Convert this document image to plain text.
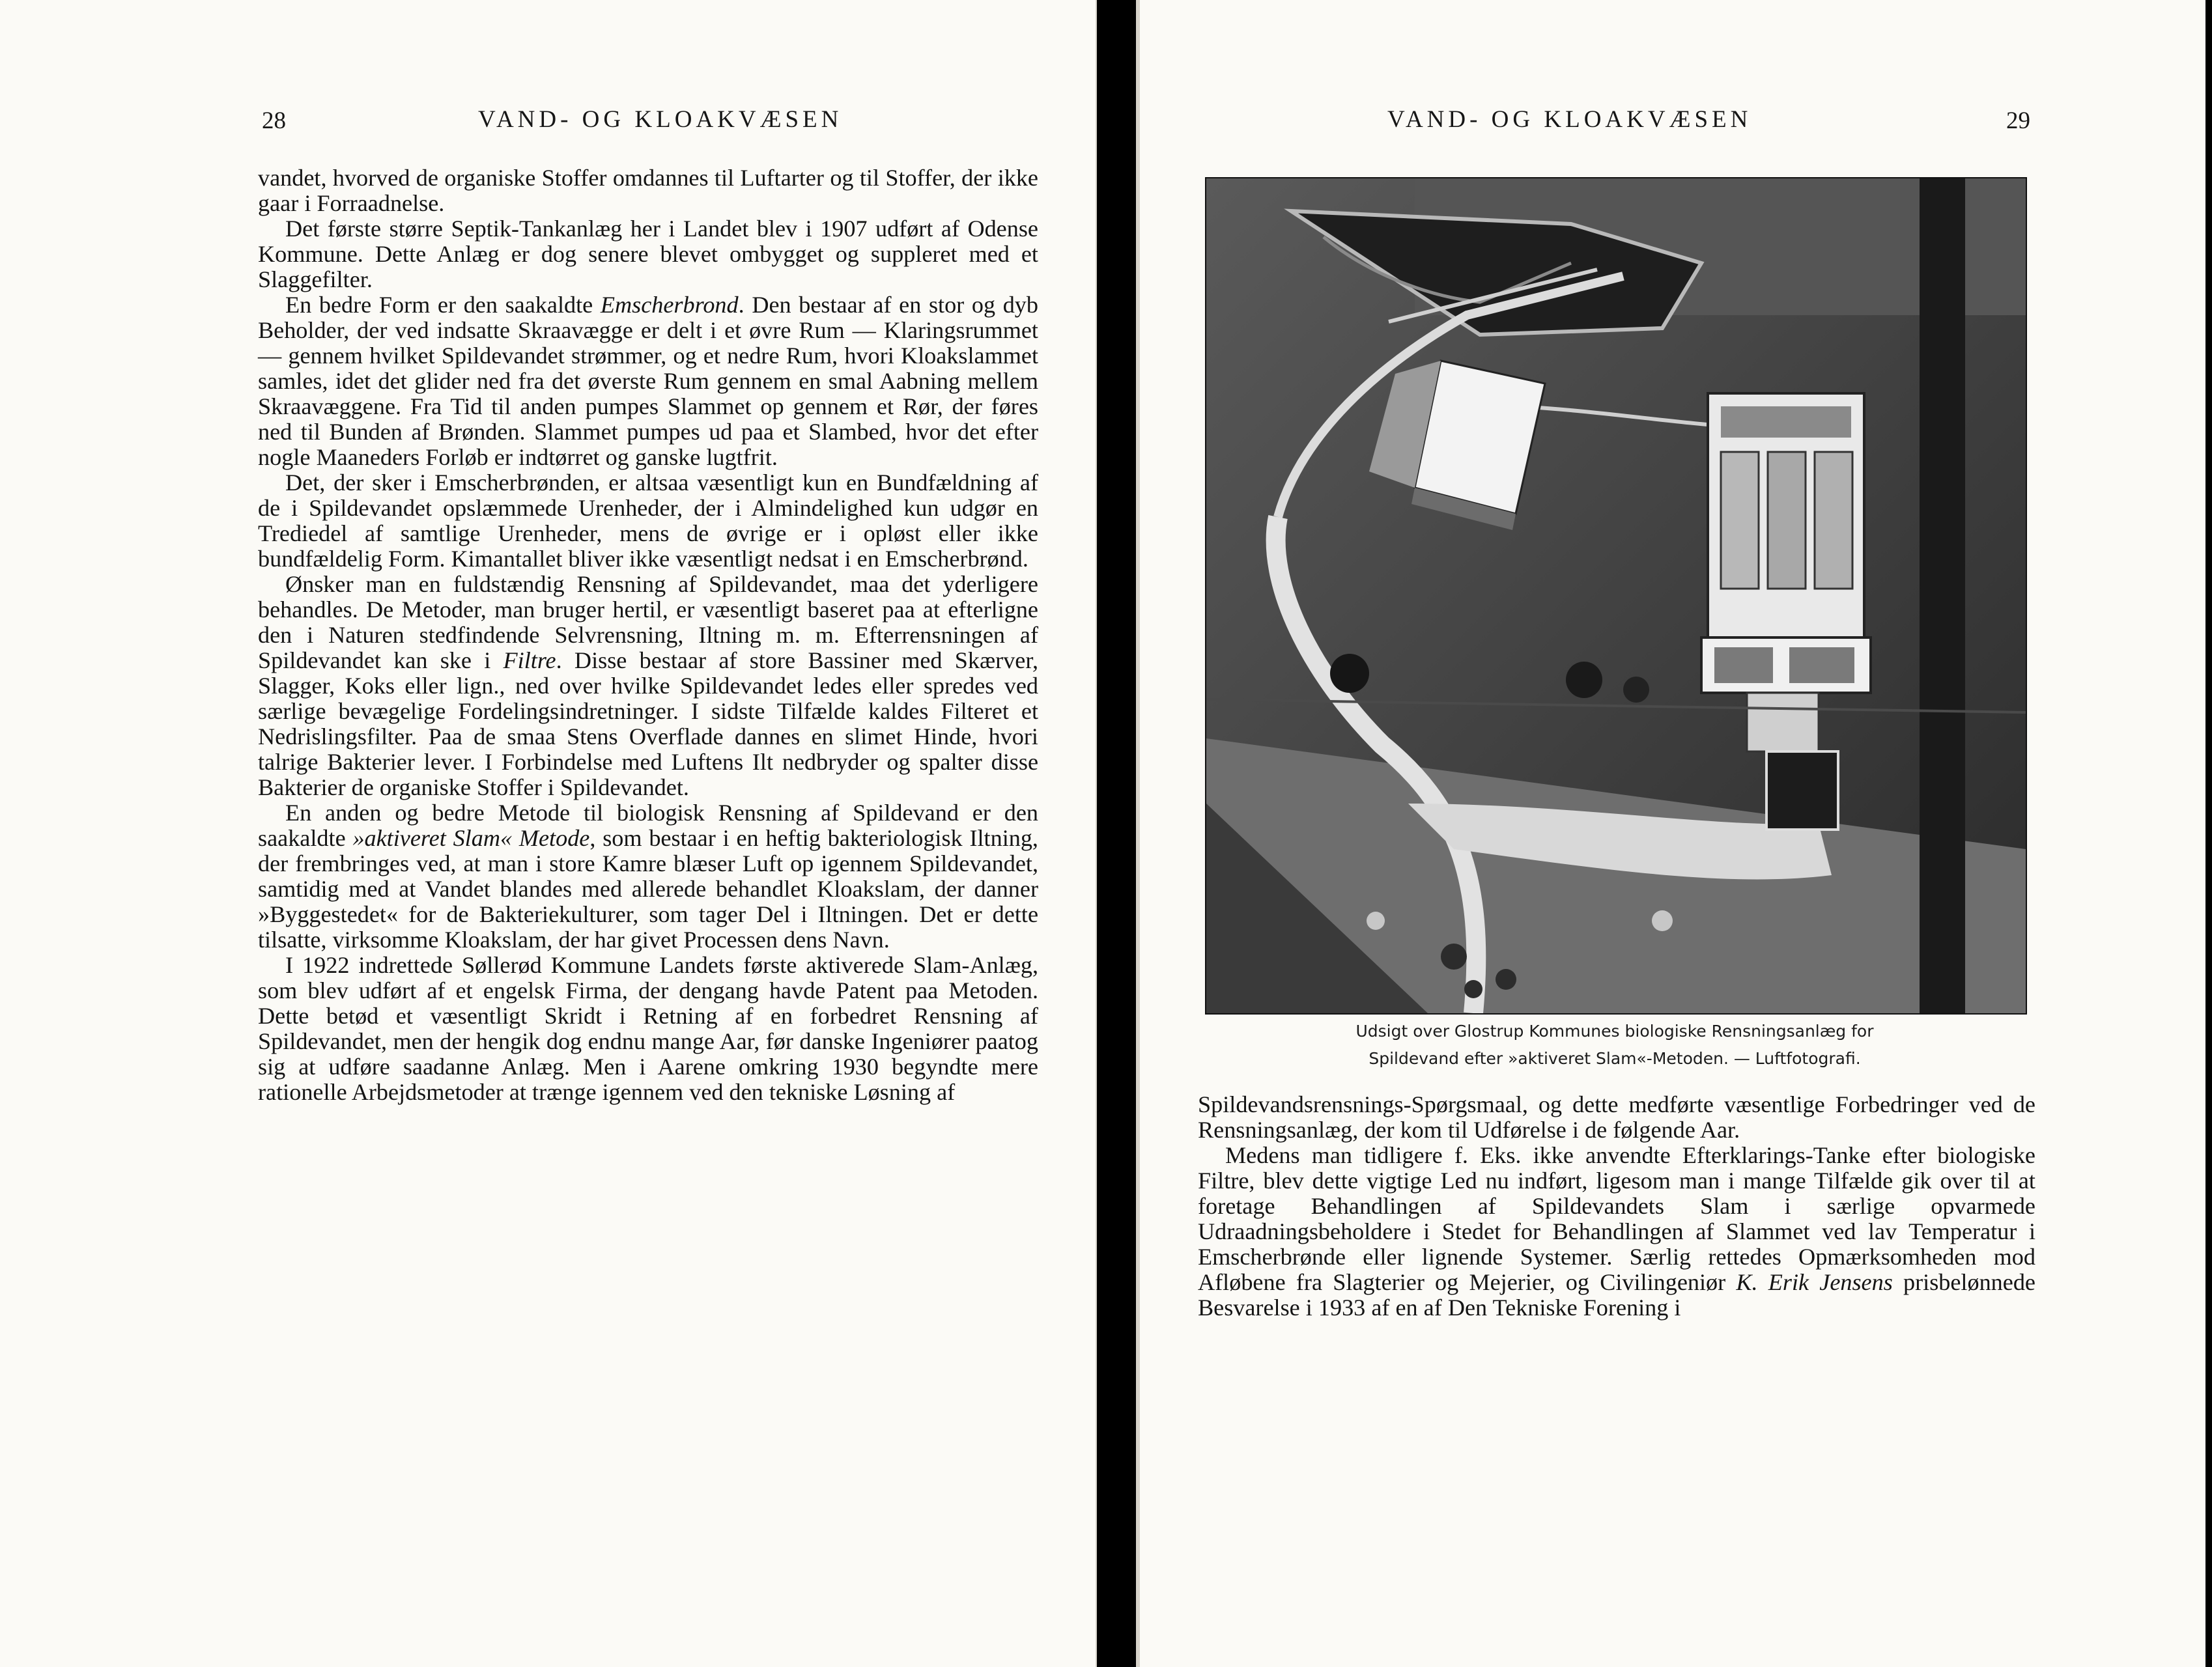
28	VAND- OG KLOAKVÆSEN

vandet, hvorved de organiske Stoffer omdannes til Luftarter og til Stoffer, der ikke gaar i Forraadnelse.

Det første større Septik-Tankanlæg her i Landet blev i 1907 udført af Odense Kommune. Dette Anlæg er dog senere blevet ombygget og suppleret med et Slaggefilter.

En bedre Form er den saakaldte Emscherbrond. Den bestaar af en stor og dyb Beholder, der ved indsatte Skraavægge er delt i et øvre Rum — Klaringsrummet — gennem hvilket Spildevandet strømmer, og et nedre Rum, hvori Kloakslammet samles, idet det glider ned fra det øverste Rum gennem en smal Aabning mellem Skraavæggene. Fra Tid til anden pumpes Slammet op gennem et Rør, der føres ned til Bunden af Brønden. Slammet pumpes ud paa et Slambed, hvor det efter nogle Maaneders Forløb er indtørret og ganske lugtfrit.

Det, der sker i Emscherbrønden, er altsaa væsentligt kun en Bundfældning af de i Spildevandet opslæmmede Urenheder, der i Almindelighed kun udgør en Trediedel af samtlige Urenheder, mens de øvrige er i opløst eller ikke bundfældelig Form. Kimantallet bliver ikke væsentligt nedsat i en Emscherbrønd.

Ønsker man en fuldstændig Rensning af Spildevandet, maa det yderligere behandles. De Metoder, man bruger hertil, er væsentligt baseret paa at efterligne den i Naturen stedfindende Selvrensning, Iltning m. m. Efterrensningen af Spildevandet kan ske i Filtre. Disse bestaar af store Bassiner med Skærver, Slagger, Koks eller lign., ned over hvilke Spildevandet ledes eller spredes ved særlige bevægelige Fordelingsindretninger. I sidste Tilfælde kaldes Filteret et Nedrislingsfilter. Paa de smaa Stens Overflade dannes en slimet Hinde, hvori talrige Bakterier lever. I Forbindelse med Luftens Ilt nedbryder og spalter disse Bakterier de organiske Stoffer i Spildevandet.

En anden og bedre Metode til biologisk Rensning af Spildevand er den saakaldte »aktiveret Slam« Metode, som bestaar i en heftig bakteriologisk Iltning, der frembringes ved, at man i store Kamre blæser Luft op igennem Spildevandet, samtidig med at Vandet blandes med allerede behandlet Kloakslam, der danner »Byggestedet« for de Bakteriekulturer, som tager Del i Iltningen. Det er dette tilsatte, virksomme Kloakslam, der har givet Processen dens Navn.

I 1922 indrettede Søllerød Kommune Landets første aktiverede Slam-Anlæg, som blev udført af et engelsk Firma, der dengang havde Patent paa Metoden. Dette betød et væsentligt Skridt i Retning af en forbedret Rensning af Spildevandet, men der hengik dog endnu mange Aar, før danske Ingeniører paatog sig at udføre saadanne Anlæg. Men i Aarene omkring 1930 begyndte mere rationelle Arbejdsmetoder at trænge igennem ved den tekniske Løsning af

VAND- OG KLOAKVÆSEN	29
Udsigt over Glostrup Kommunes biologiske Rensningsanlæg for
Spildevand efter »aktiveret Slam«-Metoden. — Luftfotografi.

Spildevandsrensnings-Spørgsmaal, og dette medførte væsentlige Forbedringer ved de Rensningsanlæg, der kom til Udførelse i de følgende Aar.

Medens man tidligere f. Eks. ikke anvendte Efterklarings-Tanke efter biologiske Filtre, blev dette vigtige Led nu indført, ligesom man i mange Tilfælde gik over til at foretage Behandlingen af Spildevandets Slam i særlige opvarmede Udraadningsbeholdere i Stedet for Behandlingen af Slammet ved lav Temperatur i Emscherbrønde eller lignende Systemer. Særlig rettedes Opmærksomheden mod Afløbene fra Slagterier og Mejerier, og Civilingeniør K. Erik Jensens prisbelønnede Besvarelse i 1933 af en af Den Tekniske Forening i
